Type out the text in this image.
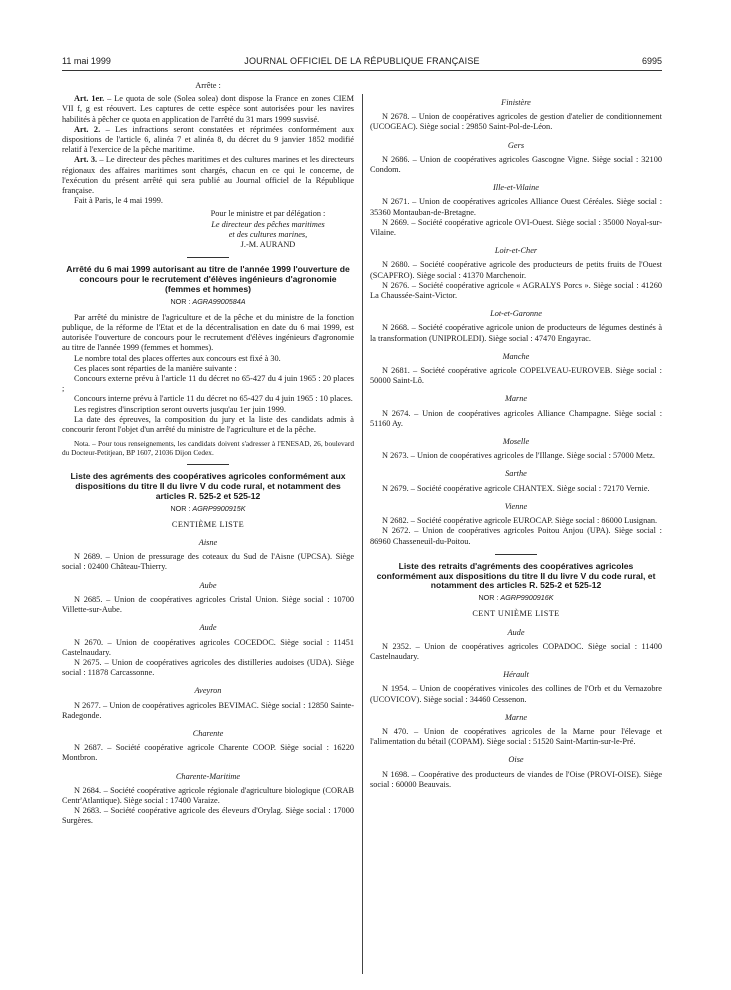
11 mai 1999	JOURNAL OFFICIEL DE LA RÉPUBLIQUE FRANÇAISE	6995

Arrête :

Art. 1er. – Le quota de sole (Solea solea) dont dispose la France en zones CIEM VII f, g est réouvert. Les captures de cette espèce sont autorisées pour les navires habilités à pêcher ce quota en application de l'arrêté du 31 mars 1999 susvisé.

Art. 2. – Les infractions seront constatées et réprimées conformément aux dispositions de l'article 6, alinéa 7 et alinéa 8, du décret du 9 janvier 1852 modifié relatif à l'exercice de la pêche maritime.

Art. 3. – Le directeur des pêches maritimes et des cultures marines et les directeurs régionaux des affaires maritimes sont chargés, chacun en ce qui le concerne, de l'exécution du présent arrêté qui sera publié au Journal officiel de la République française.

Fait à Paris, le 4 mai 1999.

Pour le ministre et par délégation :

Le directeur des pêches maritimes

et des cultures marines,

J.-M. AURAND

Arrêté du 6 mai 1999 autorisant au titre de l'année 1999 l'ouverture de concours pour le recrutement d'élèves ingénieurs d'agronomie (femmes et hommes)

NOR : AGRA9900584A

Par arrêté du ministre de l'agriculture et de la pêche et du ministre de la fonction publique, de la réforme de l'Etat et de la décentralisation en date du 6 mai 1999, est autorisée l'ouverture de concours pour le recrutement d'élèves ingénieurs d'agronomie au titre de l'année 1999 (femmes et hommes).

Le nombre total des places offertes aux concours est fixé à 30.

Ces places sont réparties de la manière suivante :

Concours externe prévu à l'article 11 du décret no 65-427 du 4 juin 1965 : 20 places ;

Concours interne prévu à l'article 11 du décret no 65-427 du 4 juin 1965 : 10 places.

Les registres d'inscription seront ouverts jusqu'au 1er juin 1999.

La date des épreuves, la composition du jury et la liste des candidats admis à concourir feront l'objet d'un arrêté du ministre de l'agriculture et de la pêche.

Nota. – Pour tous renseignements, les candidats doivent s'adresser à l'ENESAD, 26, boulevard du Docteur-Petitjean, BP 1607, 21036 Dijon Cedex.

Liste des agréments des coopératives agricoles conformément aux dispositions du titre II du livre V du code rural, et notamment des articles R. 525-2 et 525-12

NOR : AGRP9900915K

CENTIÈME LISTE

Aisne

N 2689. – Union de pressurage des coteaux du Sud de l'Aisne (UPCSA). Siège social : 02400 Château-Thierry.

Aube

N 2685. – Union de coopératives agricoles Cristal Union. Siège social : 10700 Villette-sur-Aube.

Aude

N 2670. – Union de coopératives agricoles COCEDOC. Siège social : 11451 Castelnaudary.

N 2675. – Union de coopératives agricoles des distilleries audoises (UDA). Siège social : 11878 Carcassonne.

Aveyron

N 2677. – Union de coopératives agricoles BEVIMAC. Siège social : 12850 Sainte-Radegonde.

Charente

N 2687. – Société coopérative agricole Charente COOP. Siège social : 16220 Montbron.

Charente-Maritime

N 2684. – Société coopérative agricole régionale d'agriculture biologique (CORAB Centr'Atlantique). Siège social : 17400 Varaize.

N 2683. – Société coopérative agricole des éleveurs d'Orylag. Siège social : 17000 Surgères.

Finistère

N 2678. – Union de coopératives agricoles de gestion d'atelier de conditionnement (UCOGEAC). Siège social : 29850 Saint-Pol-de-Léon.

Gers

N 2686. – Union de coopératives agricoles Gascogne Vigne. Siège social : 32100 Condom.

Ille-et-Vilaine

N 2671. – Union de coopératives agricoles Alliance Ouest Céréales. Siège social : 35360 Montauban-de-Bretagne.

N 2669. – Société coopérative agricole OVI-Ouest. Siège social : 35000 Noyal-sur-Vilaine.

Loir-et-Cher

N 2680. – Société coopérative agricole des producteurs de petits fruits de l'Ouest (SCAPFRO). Siège social : 41370 Marchenoir.

N 2676. – Société coopérative agricole « AGRALYS Porcs ». Siège social : 41260 La Chaussée-Saint-Victor.

Lot-et-Garonne

N 2668. – Société coopérative agricole union de producteurs de légumes destinés à la transformation (UNIPROLEDI). Siège social : 47470 Engayrac.

Manche

N 2681. – Société coopérative agricole COPELVEAU-EUROVEB. Siège social : 50000 Saint-Lô.

Marne

N 2674. – Union de coopératives agricoles Alliance Champagne. Siège social : 51160 Ay.

Moselle

N 2673. – Union de coopératives agricoles de l'Illange. Siège social : 57000 Metz.

Sarthe

N 2679. – Société coopérative agricole CHANTEX. Siège social : 72170 Vernie.

Vienne

N 2682. – Société coopérative agricole EUROCAP. Siège social : 86000 Lusignan.

N 2672. – Union de coopératives agricoles Poitou Anjou (UPA). Siège social : 86960 Chasseneuil-du-Poitou.

Liste des retraits d'agréments des coopératives agricoles conformément aux dispositions du titre II du livre V du code rural, et notamment des articles R. 525-2 et 525-12

NOR : AGRP9900916K

CENT UNIÈME LISTE

Aude

N 2352. – Union de coopératives agricoles COPADOC. Siège social : 11400 Castelnaudary.

Hérault

N 1954. – Union de coopératives vinicoles des collines de l'Orb et du Vernazobre (UCOVICOV). Siège social : 34460 Cessenon.

Marne

N 470. – Union de coopératives agricoles de la Marne pour l'élevage et l'alimentation du bétail (COPAM). Siège social : 51520 Saint-Martin-sur-le-Pré.

Oise

N 1698. – Coopérative des producteurs de viandes de l'Oise (PROVI-OISE). Siège social : 60000 Beauvais.
